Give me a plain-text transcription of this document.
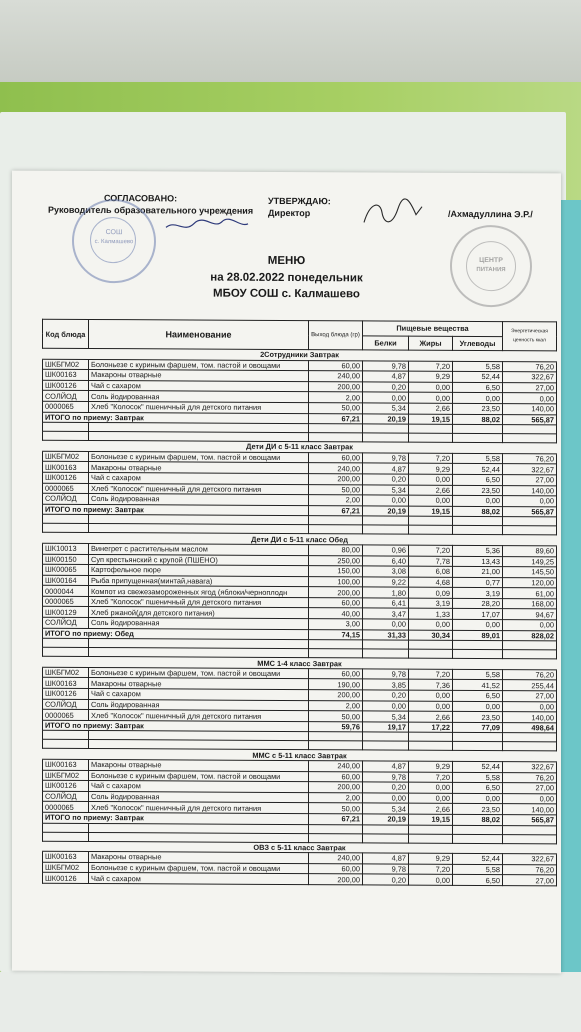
СОГЛАСОВАНО:
Руководитель образовательного учреждения
УТВЕРЖДАЮ:
Директор	/Ахмадуллина Э.Р./
СОШ
с. Калмашево
ЦЕНТР
ПИТАНИЯ
МЕНЮ
на 28.02.2022 понедельник
МБОУ СОШ с. Калмашево
Код блюда	Наименование	Выход блюда (гр)	Пищевые вещества			Энергетическая ценность ккал
			Белки	Жиры	Углеводы	
2Сотрудники Завтрак						
ШКБГМ02	Болоньезе с куриным фаршем, том. пастой и овощами	60,00	9,78	7,20	5,58	76,20
ШК00163	Макароны отварные	240,00	4,87	9,29	52,44	322,67
ШК00126	Чай с сахаром	200,00	0,20	0,00	6,50	27,00
СОЛЙОД	Соль йодированная	2,00	0,00	0,00	0,00	0,00
0000065	Хлеб "Колосок" пшеничный для детского питания	50,00	5,34	2,66	23,50	140,00
ИТОГО по приему: Завтрак		67,21	20,19	19,15	88,02	565,87

Дети ДИ с 5-11 класс Завтрак						
ШКБГМ02	Болоньезе с куриным фаршем, том. пастой и овощами	60,00	9,78	7,20	5,58	76,20
ШК00163	Макароны отварные	240,00	4,87	9,29	52,44	322,67
ШК00126	Чай с сахаром	200,00	0,20	0,00	6,50	27,00
0000065	Хлеб "Колосок" пшеничный для детского питания	50,00	5,34	2,66	23,50	140,00
СОЛЙОД	Соль йодированная	2,00	0,00	0,00	0,00	0,00
ИТОГО по приему: Завтрак		67,21	20,19	19,15	88,02	565,87

Дети ДИ с 5-11 класс Обед						
ШК10013	Винегрет с растительным маслом	80,00	0,96	7,20	5,36	89,60
ШК00150	Суп крестьянский с крупой (ПШЕНО)	250,00	6,40	7,78	13,43	149,25
ШК00065	Картофельное пюре	150,00	3,08	6,08	21,00	145,50
ШК00164	Рыба припущенная(минтай,навага)	100,00	9,22	4,68	0,77	120,00
0000044	Компот из свежезамороженных ягод (яблоки/черноплодн	200,00	1,80	0,09	3,19	61,00
0000065	Хлеб "Колосок" пшеничный для детского питания	60,00	6,41	3,19	28,20	168,00
ШК00129	Хлеб ржаной(для детского питания)	40,00	3,47	1,33	17,07	94,67
СОЛЙОД	Соль йодированная	3,00	0,00	0,00	0,00	0,00
ИТОГО по приему: Обед		74,15	31,33	30,34	89,01	828,02

ММС 1-4 класс Завтрак						
ШКБГМ02	Болоньезе с куриным фаршем, том. пастой и овощами	60,00	9,78	7,20	5,58	76,20
ШК00163	Макароны отварные	190,00	3,85	7,36	41,52	255,44
ШК00126	Чай с сахаром	200,00	0,20	0,00	6,50	27,00
СОЛЙОД	Соль йодированная	2,00	0,00	0,00	0,00	0,00
0000065	Хлеб "Колосок" пшеничный для детского питания	50,00	5,34	2,66	23,50	140,00
ИТОГО по приему: Завтрак		59,76	19,17	17,22	77,09	498,64

ММС с 5-11 класс Завтрак						
ШК00163	Макароны отварные	240,00	4,87	9,29	52,44	322,67
ШКБГМ02	Болоньезе с куриным фаршем, том. пастой и овощами	60,00	9,78	7,20	5,58	76,20
ШК00126	Чай с сахаром	200,00	0,20	0,00	6,50	27,00
СОЛЙОД	Соль йодированная	2,00	0,00	0,00	0,00	0,00
0000065	Хлеб "Колосок" пшеничный для детского питания	50,00	5,34	2,66	23,50	140,00
ИТОГО по приему: Завтрак		67,21	20,19	19,15	88,02	565,87

ОВЗ с 5-11 класс Завтрак						
ШК00163	Макароны отварные	240,00	4,87	9,29	52,44	322,67
ШКБГМ02	Болоньезе с куриным фаршем, том. пастой и овощами	60,00	9,78	7,20	5,58	76,20
ШК00126	Чай с сахаром	200,00	0,20	0,00	6,50	27,00
